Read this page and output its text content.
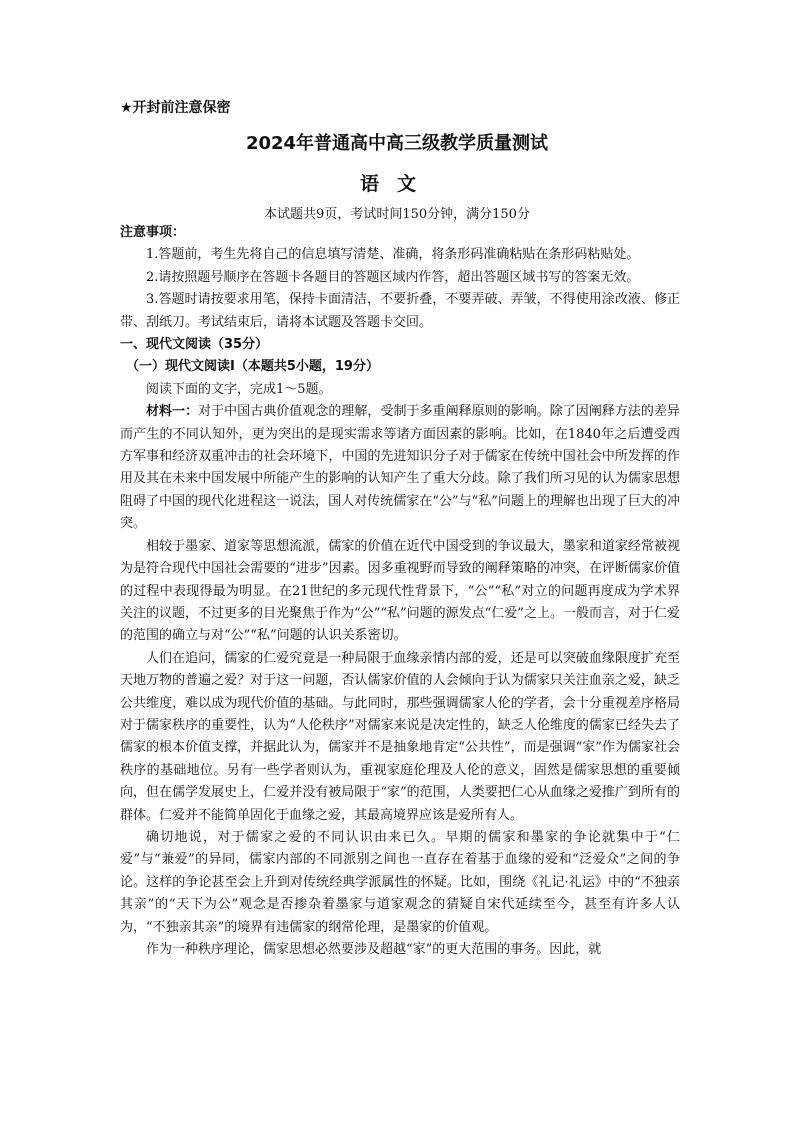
★开封前注意保密

2024年普通高中高三级教学质量测试

语文

本试题共9页，考试时间150分钟，满分150分

注意事项：

1.答题前，考生先将自己的信息填写清楚、准确，将条形码准确粘贴在条形码粘贴处。

2.请按照题号顺序在答题卡各题目的答题区域内作答，超出答题区域书写的答案无效。

3.答题时请按要求用笔，保持卡面清洁，不要折叠，不要弄破、弄皱，不得使用涂改液、修正带、刮纸刀。考试结束后，请将本试题及答题卡交回。

一、现代文阅读（35分）

（一）现代文阅读Ⅰ（本题共5小题，19分）

阅读下面的文字，完成1～5题。

材料一：对于中国古典价值观念的理解，受制于多重阐释原则的影响。除了因阐释方法的差异而产生的不同认知外，更为突出的是现实需求等诸方面因素的影响。比如，在1840年之后遭受西方军事和经济双重冲击的社会环境下，中国的先进知识分子对于儒家在传统中国社会中所发挥的作用及其在未来中国发展中所能产生的影响的认知产生了重大分歧。除了我们所习见的认为儒家思想阻碍了中国的现代化进程这一说法，国人对传统儒家在“公”与“私”问题上的理解也出现了巨大的冲突。

相较于墨家、道家等思想流派，儒家的价值在近代中国受到的争议最大，墨家和道家经常被视为是符合现代中国社会需要的“进步”因素。因多重视野而导致的阐释策略的冲突，在评断儒家价值的过程中表现得最为明显。在21世纪的多元现代性背景下，“公”“私”对立的问题再度成为学术界关注的议题，不过更多的目光聚焦于作为“公”“私”问题的源发点“仁爱”之上。一般而言，对于仁爱的范围的确立与对“公”“私”问题的认识关系密切。

人们在追问，儒家的仁爱究竟是一种局限于血缘亲情内部的爱，还是可以突破血缘限度扩充至天地万物的普遍之爱？对于这一问题，否认儒家价值的人会倾向于认为儒家只关注血亲之爱，缺乏公共维度，难以成为现代价值的基础。与此同时，那些强调儒家人伦的学者，会十分重视差序格局对于儒家秩序的重要性，认为“人伦秩序”对儒家来说是决定性的，缺乏人伦维度的儒家已经失去了儒家的根本价值支撑，并据此认为，儒家并不是抽象地肯定“公共性”，而是强调“家”作为儒家社会秩序的基础地位。另有一些学者则认为，重视家庭伦理及人伦的意义，固然是儒家思想的重要倾向，但在儒学发展史上，仁爱并没有被局限于“家”的范围，人类要把仁心从血缘之爱推广到所有的群体。仁爱并不能简单固化于血缘之爱，其最高境界应该是爱所有人。

确切地说，对于儒家之爱的不同认识由来已久。早期的儒家和墨家的争论就集中于“仁爱”与“兼爱”的异同，儒家内部的不同派别之间也一直存在着基于血缘的爱和“泛爱众”之间的争论。这样的争论甚至会上升到对传统经典学派属性的怀疑。比如，围绕《礼记·礼运》中的“不独亲其亲”的“天下为公”观念是否掺杂着墨家与道家观念的猜疑自宋代延续至今，甚至有许多人认为，“不独亲其亲”的境界有违儒家的纲常伦理，是墨家的价值观。

作为一种秩序理论，儒家思想必然要涉及超越“家”的更大范围的事务。因此，就
